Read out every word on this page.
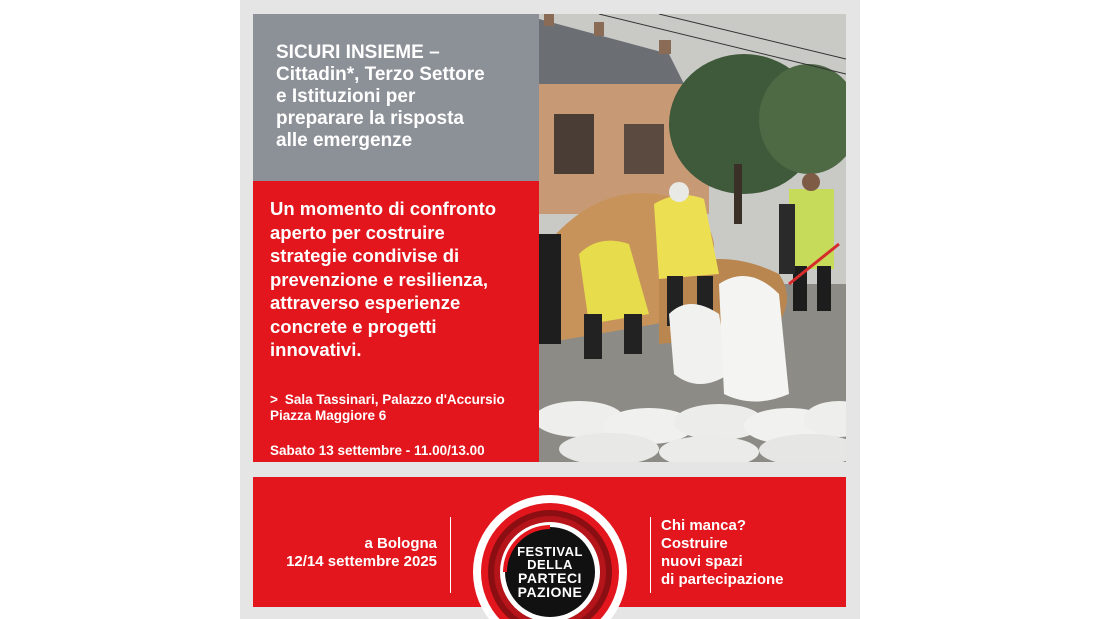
SICURI INSIEME –
Cittadin*, Terzo Settore
e Istituzioni per
preparare la risposta
alle emergenze
Un momento di confronto
aperto per costruire
strategie condivise di
prevenzione e resilienza,
attraverso esperienze
concrete e progetti
innovativi.
> Sala Tassinari, Palazzo d'Accursio
Piazza Maggiore 6
Sabato 13 settembre - 11.00/13.00
a Bologna
12/14 settembre 2025
Chi manca?
Costruire
nuovi spazi
di partecipazione
FESTIVAL
DELLA
PARTECI
PAZIONE
